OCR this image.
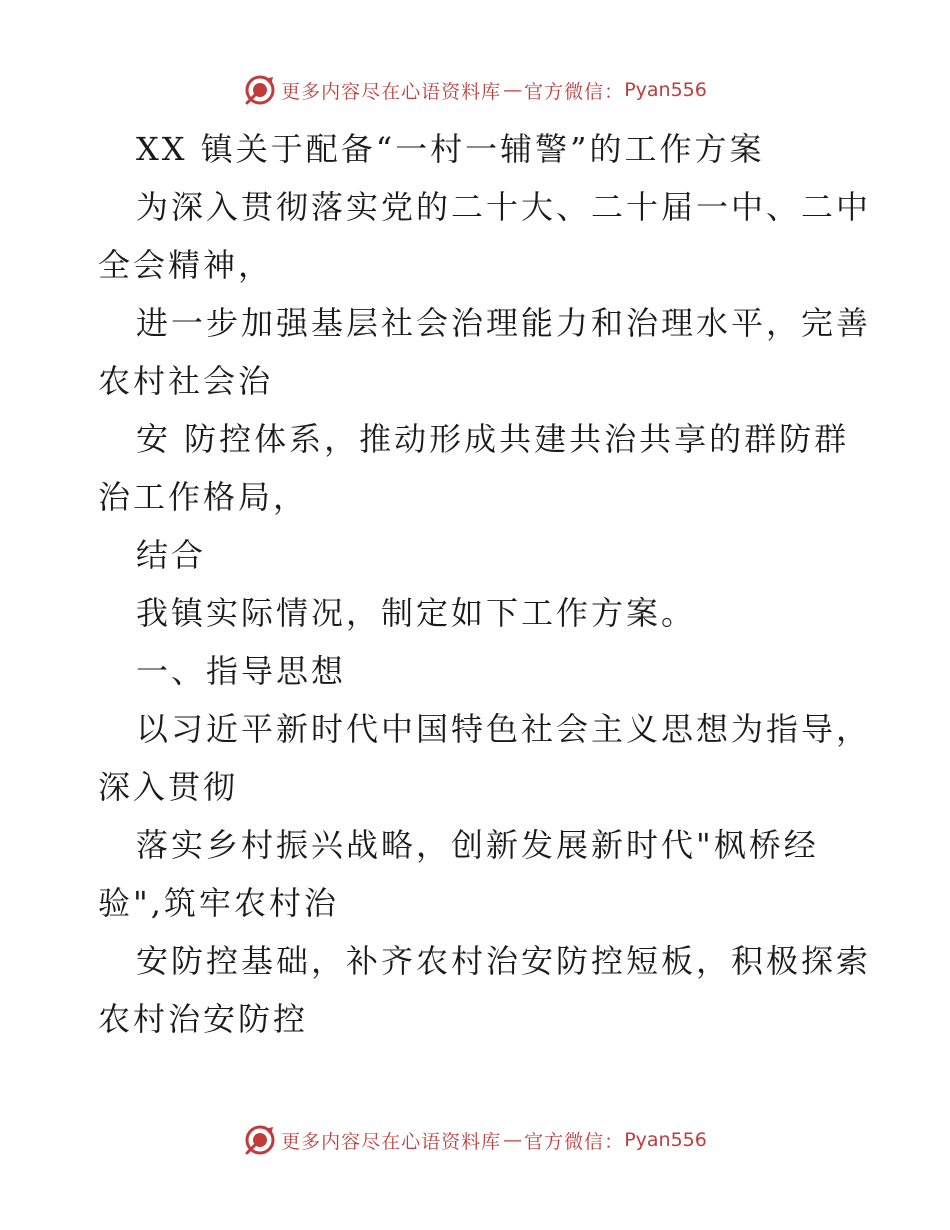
更多内容尽在心语资料库 — 官方微信： Pyan556
XX 镇关于配备“一村一辅警”的工作方案
为深入贯彻落实党的二十大、二十届一中、二中
全会精神，
进一步加强基层社会治理能力和治理水平，完善
农村社会治
安 防控体系，推动形成共建共治共享的群防群
治工作格局，
结合
我镇实际情况，制定如下工作方案。
一、指导思想
以习近平新时代中国特色社会主义思想为指导，
深入贯彻
落实乡村振兴战略，创新发展新时代"枫桥经
验",筑牢农村治
安防控基础，补齐农村治安防控短板，积极探索
农村治安防控
更多内容尽在心语资料库 — 官方微信： Pyan556
